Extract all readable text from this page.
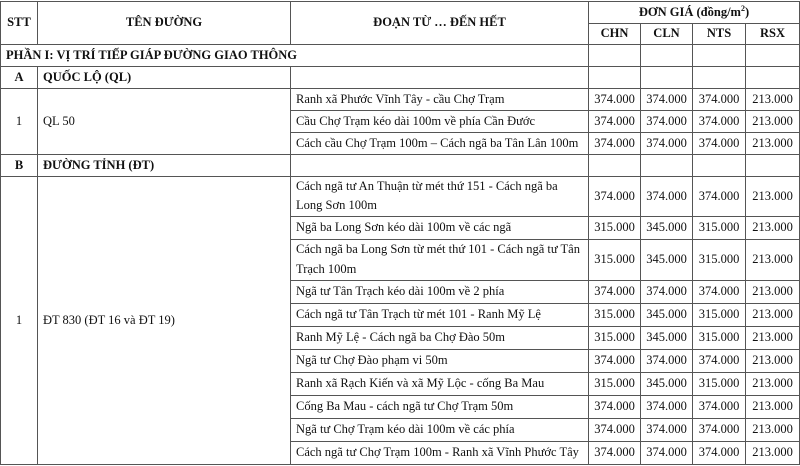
STT	TÊN ĐƯỜNG	ĐOẠN TỪ … ĐẾN HẾT	ĐƠN GIÁ $(đồng/m^2)$			
			CHN	CLN	NTS	RSX
PHẦN I: VỊ TRÍ TIẾP GIÁP ĐƯỜNG GIAO THÔNG						
A	QUỐC LỘ (QL)					
1	QL 50	Ranh xã Phước Vĩnh Tây - cầu Chợ Trạm	374.000	374.000	374.000	213.000
		Cầu Chợ Trạm kéo dài 100m về phía Cần Đước	374.000	374.000	374.000	213.000
		Cách cầu Chợ Trạm 100m – Cách ngã ba Tân Lân 100m	374.000	374.000	374.000	213.000
B	ĐƯỜNG TỈNH (ĐT)					
1	ĐT 830 (ĐT 16 và ĐT 19)	Cách ngã tư An Thuận từ mét thứ 151 - Cách ngã ba Long Sơn 100m	374.000	374.000	374.000	213.000
		Ngã ba Long Sơn kéo dài 100m về các ngã	315.000	345.000	315.000	213.000
		Cách ngã ba Long Sơn từ mét thứ 101 - Cách ngã tư Tân Trạch 100m	315.000	345.000	315.000	213.000
		Ngã tư Tân Trạch kéo dài 100m về 2 phía	374.000	374.000	374.000	213.000
		Cách ngã tư Tân Trạch từ mét 101 - Ranh Mỹ Lệ	315.000	345.000	315.000	213.000
		Ranh Mỹ Lệ - Cách ngã ba Chợ Đào 50m	315.000	345.000	315.000	213.000
		Ngã tư Chợ Đào phạm vi 50m	374.000	374.000	374.000	213.000
		Ranh xã Rạch Kiến và xã Mỹ Lộc - cống Ba Mau	315.000	345.000	315.000	213.000
		Cống Ba Mau - cách ngã tư Chợ Trạm 50m	374.000	374.000	374.000	213.000
		Ngã tư Chợ Trạm kéo dài 100m về các phía	374.000	374.000	374.000	213.000
		Cách ngã tư Chợ Trạm 100m - Ranh xã Vĩnh Phước Tây	374.000	374.000	374.000	213.000
